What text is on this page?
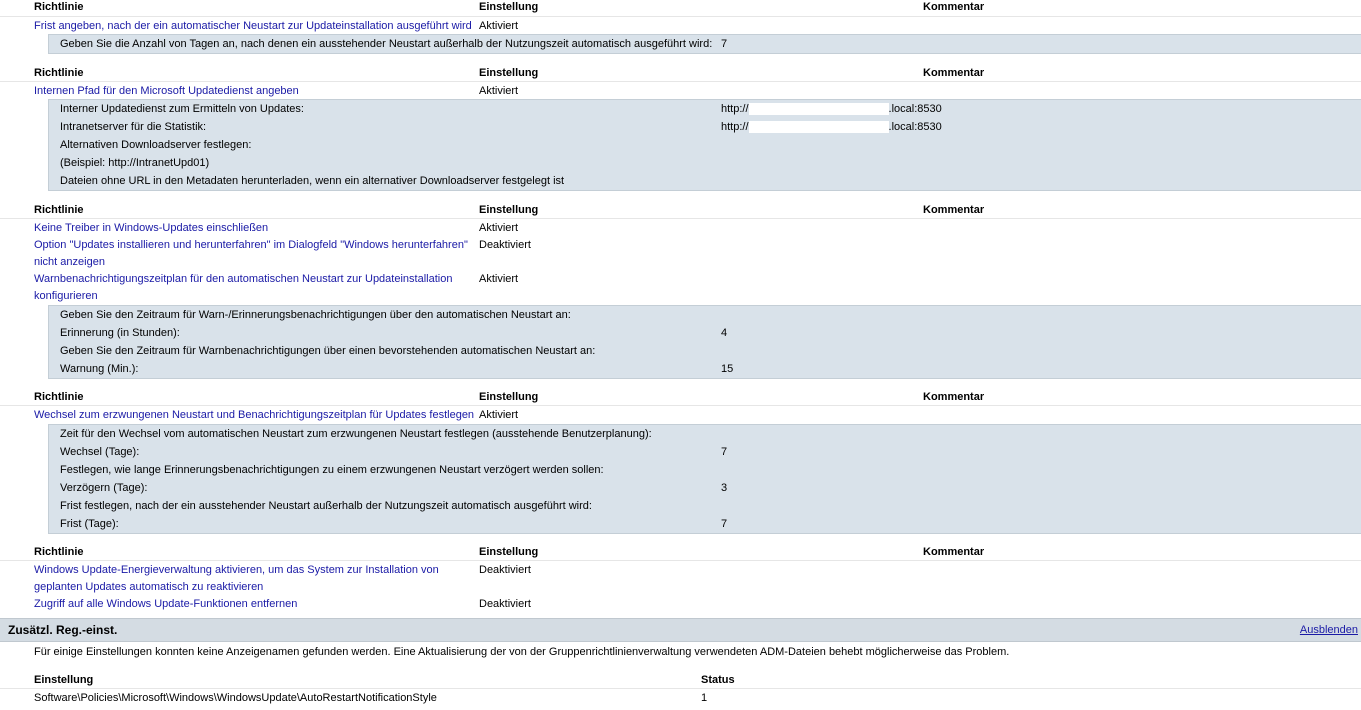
Richtlinie	Einstellung	Kommentar
Frist angeben, nach der ein automatischer Neustart zur Updateinstallation ausgeführt wird Aktiviert
Geben Sie die Anzahl von Tagen an, nach denen ein ausstehender Neustart außerhalb der Nutzungszeit automatisch ausgeführt wird: 7
Richtlinie	Einstellung	Kommentar
Internen Pfad für den Microsoft Updatedienst angeben	Aktiviert
Interner Updatedienst zum Ermitteln von Updates:	http://	.local:8530
Intranetserver für die Statistik:	http://	.local:8530
Alternativen Downloadserver festlegen:
(Beispiel: http://IntranetUpd01)
Dateien ohne URL in den Metadaten herunterladen, wenn ein alternativer Downloadserver festgelegt ist
Richtlinie	Einstellung	Kommentar
Keine Treiber in Windows-Updates einschließen	Aktiviert
Option "Updates installieren und herunterfahren" im Dialogfeld "Windows herunterfahren" Deaktiviert
nicht anzeigen
Warnbenachrichtigungszeitplan für den automatischen Neustart zur Updateinstallation Aktiviert
konfigurieren
Geben Sie den Zeitraum für Warn-/Erinnerungsbenachrichtigungen über den automatischen Neustart an:
Erinnerung (in Stunden):	4
Geben Sie den Zeitraum für Warnbenachrichtigungen über einen bevorstehenden automatischen Neustart an:
Warnung (Min.):	15
Richtlinie	Einstellung	Kommentar
Wechsel zum erzwungenen Neustart und Benachrichtigungszeitplan für Updates festlegen Aktiviert
Zeit für den Wechsel vom automatischen Neustart zum erzwungenen Neustart festlegen (ausstehende Benutzerplanung):
Wechsel (Tage):	7
Festlegen, wie lange Erinnerungsbenachrichtigungen zu einem erzwungenen Neustart verzögert werden sollen:
Verzögern (Tage):	3
Frist festlegen, nach der ein ausstehender Neustart außerhalb der Nutzungszeit automatisch ausgeführt wird:
Frist (Tage):	7
Richtlinie	Einstellung	Kommentar
Windows Update-Energieverwaltung aktivieren, um das System zur Installation von	Deaktiviert
geplanten Updates automatisch zu reaktivieren
Zugriff auf alle Windows Update-Funktionen entfernen	Deaktiviert
Zusätzl. Reg.-einst.	Ausblenden
Für einige Einstellungen konnten keine Anzeigenamen gefunden werden. Eine Aktualisierung der von der Gruppenrichtlinienverwaltung verwendeten ADM-Dateien behebt möglicherweise das Problem.
Einstellung	Status
Software\Policies\Microsoft\Windows\WindowsUpdate\AutoRestartNotificationStyle	1
